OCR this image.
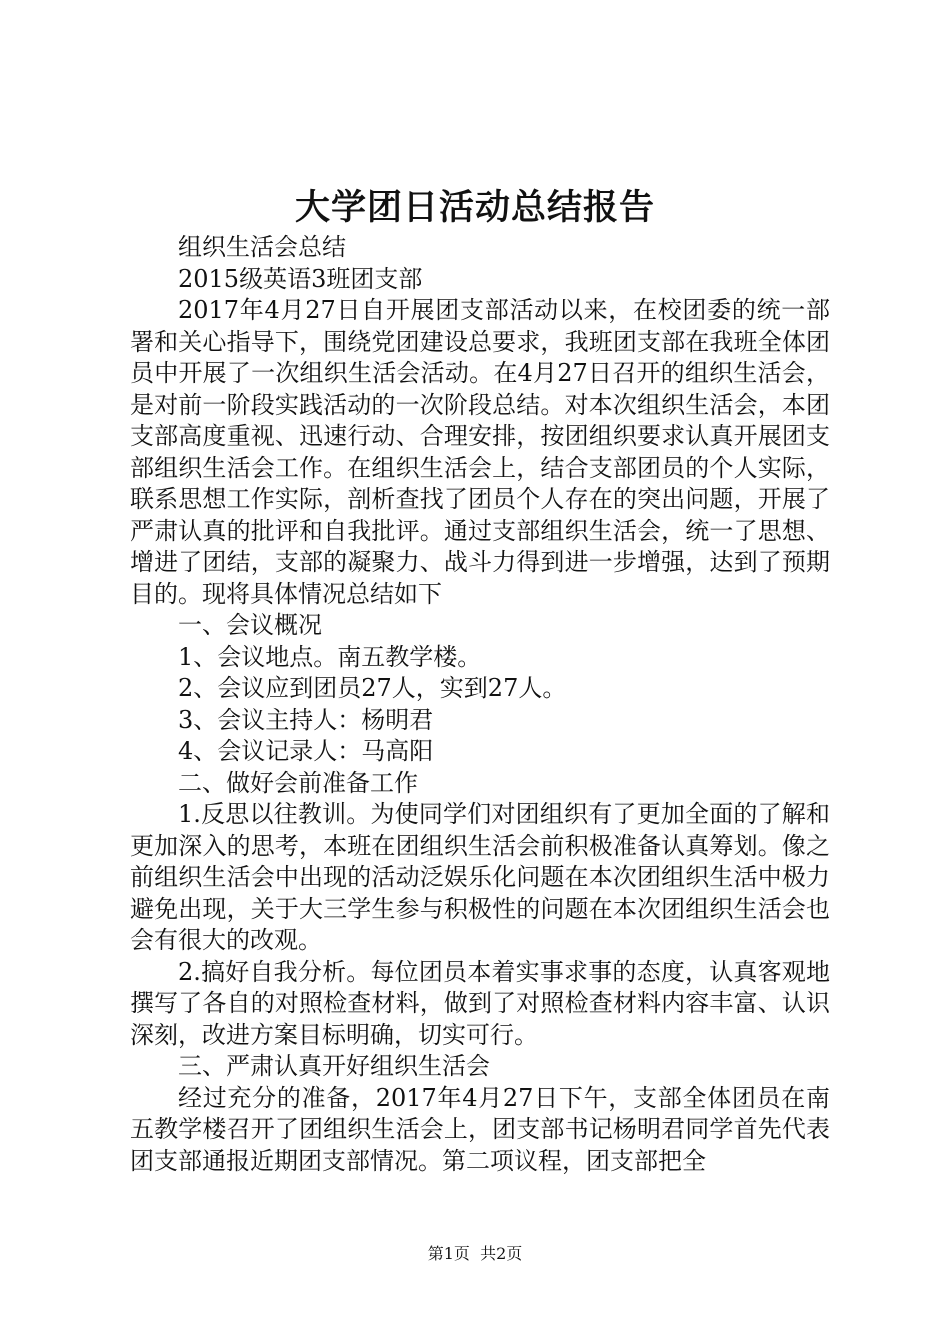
大学团日活动总结报告

组织生活会总结

2015级英语3班团支部

2017年4月27日自开展团支部活动以来，在校团委的统一部署和关心指导下，围绕党团建设总要求，我班团支部在我班全体团员中开展了一次组织生活会活动。在4月27日召开的组织生活会，是对前一阶段实践活动的一次阶段总结。对本次组织生活会，本团支部高度重视、迅速行动、合理安排，按团组织要求认真开展团支部组织生活会工作。在组织生活会上，结合支部团员的个人实际，联系思想工作实际，剖析查找了团员个人存在的突出问题，开展了严肃认真的批评和自我批评。通过支部组织生活会，统一了思想、增进了团结，支部的凝聚力、战斗力得到进一步增强，达到了预期目的。现将具体情况总结如下

一、会议概况

1、会议地点。南五教学楼。

2、会议应到团员27人，实到27人。

3、会议主持人：杨明君

4、会议记录人：马高阳

二、做好会前准备工作

1.反思以往教训。为使同学们对团组织有了更加全面的了解和更加深入的思考，本班在团组织生活会前积极准备认真筹划。像之前组织生活会中出现的活动泛娱乐化问题在本次团组织生活中极力避免出现，关于大三学生参与积极性的问题在本次团组织生活会也会有很大的改观。

2.搞好自我分析。每位团员本着实事求事的态度，认真客观地撰写了各自的对照检查材料，做到了对照检查材料内容丰富、认识深刻，改进方案目标明确，切实可行。

三、严肃认真开好组织生活会

经过充分的准备，2017年4月27日下午，支部全体团员在南五教学楼召开了团组织生活会上，团支部书记杨明君同学首先代表团支部通报近期团支部情况。第二项议程，团支部把全

第1页 共2页
